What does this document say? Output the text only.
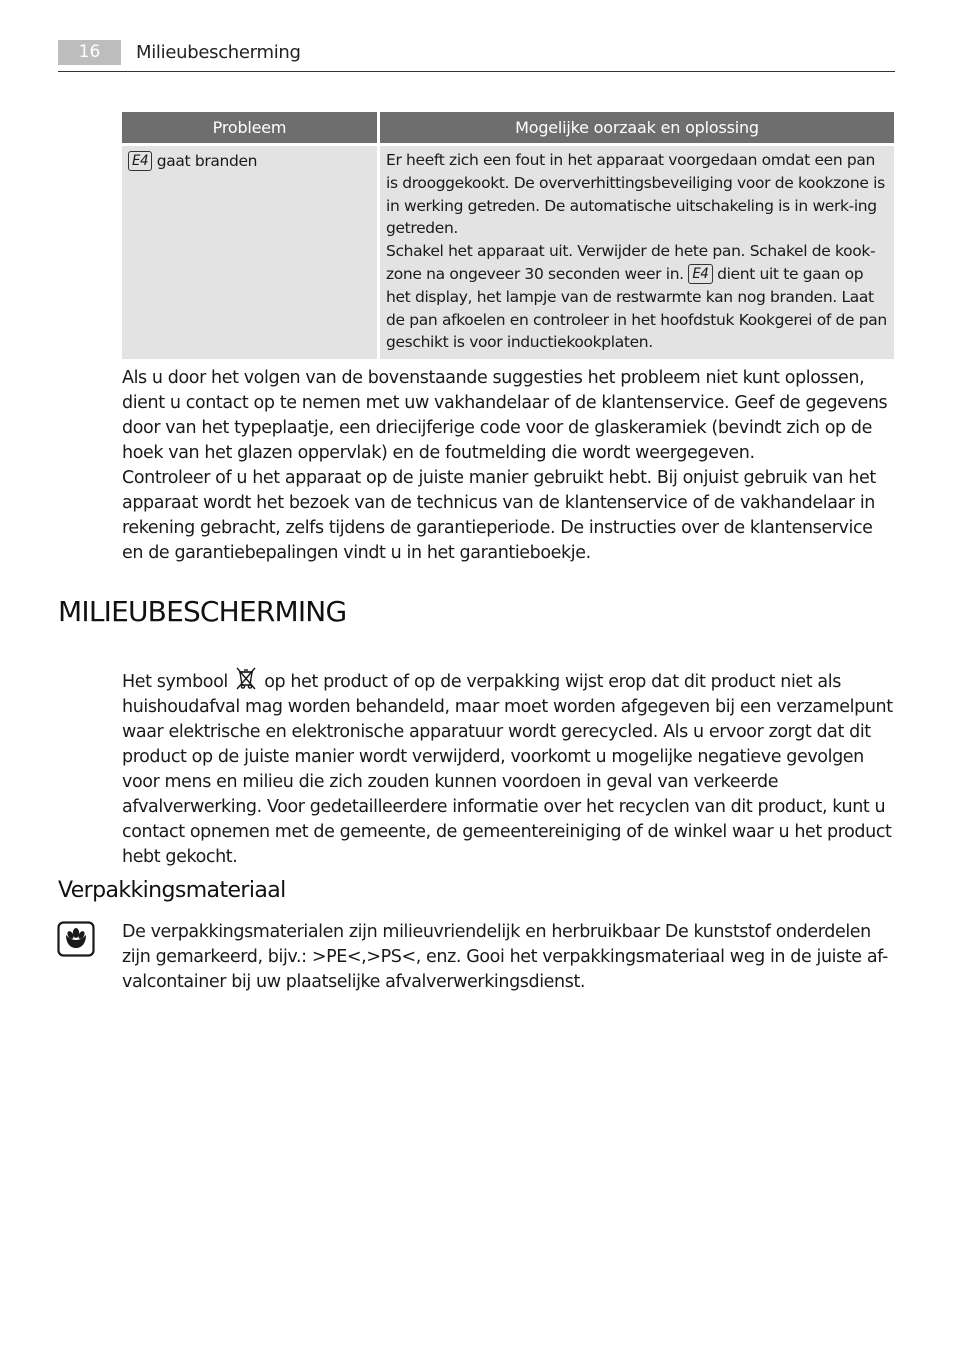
16	Milieubescherming
Probleem	Mogelijke oorzaak en oplossing
E4 gaat branden	Er heeft zich een fout in het apparaat voorgedaan omdat een pan is drooggekookt. De oververhittingsbeveiliging voor de kookzone is in werking getreden. De automatische uitschakeling is in werk-ing getreden.
Schakel het apparaat uit. Verwijder de hete pan. Schakel de kook-zone na ongeveer 30 seconden weer in. E4 dient uit te gaan op het display, het lampje van de restwarmte kan nog branden. Laat de pan afkoelen en controleer in het hoofdstuk Kookgerei of de pan geschikt is voor inductiekookplaten.

Als u door het volgen van de bovenstaande suggesties het probleem niet kunt oplossen, dient u contact op te nemen met uw vakhandelaar of de klantenservice. Geef de gegevens door van het typeplaatje, een driecijferige code voor de glaskeramiek (bevindt zich op de hoek van het glazen oppervlak) en de foutmelding die wordt weergegeven.

Controleer of u het apparaat op de juiste manier gebruikt hebt. Bij onjuist gebruik van het apparaat wordt het bezoek van de technicus van de klantenservice of de vakhandelaar in rekening gebracht, zelfs tijdens de garantieperiode. De instructies over de klantenservice en de garantiebepalingen vindt u in het garantieboekje.

MILIEUBESCHERMING

Het symbool op het product of op de verpakking wijst erop dat dit product niet als huishoudafval mag worden behandeld, maar moet worden afgegeven bij een verzamelpunt waar elektrische en elektronische apparatuur wordt gerecycled. Als u ervoor zorgt dat dit product op de juiste manier wordt verwijderd, voorkomt u mogelijke negatieve gevolgen voor mens en milieu die zich zouden kunnen voordoen in geval van verkeerde afvalverwerking. Voor gedetailleerdere informatie over het recyclen van dit product, kunt u contact opnemen met de gemeente, de gemeentereiniging of de winkel waar u het product hebt gekocht.

Verpakkingsmateriaal

De verpakkingsmaterialen zijn milieuvriendelijk en herbruikbaar De kunststof onderdelen zijn gemarkeerd, bijv.: >PE<,>PS<, enz. Gooi het verpakkingsmateriaal weg in de juiste af-valcontainer bij uw plaatselijke afvalverwerkingsdienst.
